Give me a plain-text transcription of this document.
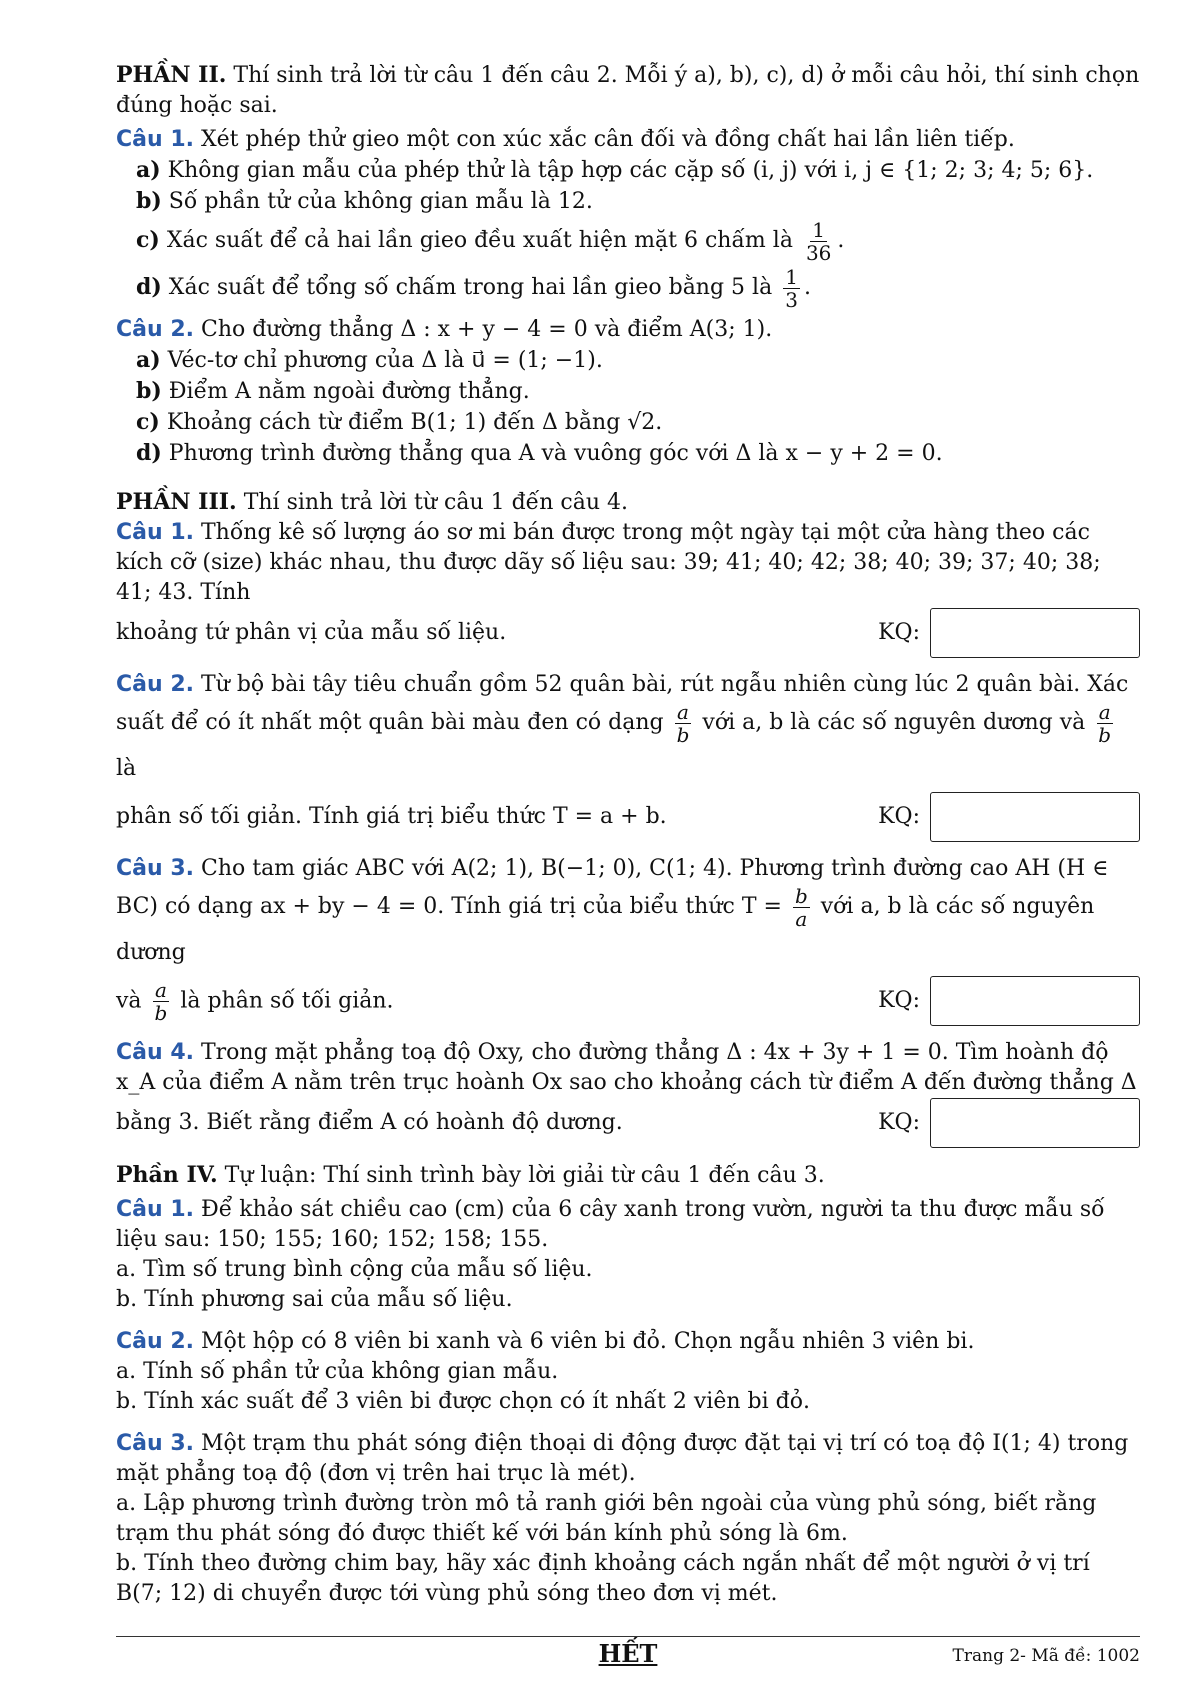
PHẦN II. Thí sinh trả lời từ câu 1 đến câu 2. Mỗi ý a), b), c), d) ở mỗi câu hỏi, thí sinh chọn đúng hoặc sai.
Câu 1. Xét phép thử gieo một con xúc xắc cân đối và đồng chất hai lần liên tiếp.
a) Không gian mẫu của phép thử là tập hợp các cặp số (i, j) với i, j ∈ {1; 2; 3; 4; 5; 6}.
b) Số phần tử của không gian mẫu là 12.
c) Xác suất để cả hai lần gieo đều xuất hiện mặt 6 chấm là $\frac{1}{36}$ .
d) Xác suất để tổng số chấm trong hai lần gieo bằng 5 là $\frac{1}{3}$ .
Câu 2. Cho đường thẳng Δ : x + y − 4 = 0 và điểm A(3; 1).
a) Véc-tơ chỉ phương của Δ là u⃗ = (1; −1).
b) Điểm A nằm ngoài đường thẳng.
c) Khoảng cách từ điểm B(1; 1) đến Δ bằng √2.
d) Phương trình đường thẳng qua A và vuông góc với Δ là x − y + 2 = 0.
PHẦN III. Thí sinh trả lời từ câu 1 đến câu 4.
Câu 1. Thống kê số lượng áo sơ mi bán được trong một ngày tại một cửa hàng theo các kích cỡ (size) khác nhau, thu được dãy số liệu sau: 39; 41; 40; 42; 38; 40; 39; 37; 40; 38; 41; 43. Tính
khoảng tứ phân vị của mẫu số liệu.	KQ:
Câu 2. Từ bộ bài tây tiêu chuẩn gồm 52 quân bài, rút ngẫu nhiên cùng lúc 2 quân bài. Xác
suất để có ít nhất một quân bài màu đen có dạng $\frac{a}{b}$ với a, b là các số nguyên dương và $\frac{a}{b}$
là
phân số tối giản. Tính giá trị biểu thức T = a + b.	KQ:
Câu 3. Cho tam giác ABC với A(2; 1), B(−1; 0), C(1; 4). Phương trình đường cao AH (H ∈
BC) có dạng ax + by − 4 = 0. Tính giá trị của biểu thức $T = \frac{b}{a}$ với a, b là các số nguyên dương
và $\frac{a}{b}$ là phân số tối giản.	KQ:
Câu 4. Trong mặt phẳng toạ độ Oxy, cho đường thẳng Δ : 4x + 3y + 1 = 0. Tìm hoành độ x_A của điểm A nằm trên trục hoành Ox sao cho khoảng cách từ điểm A đến đường thẳng Δ
bằng 3. Biết rằng điểm A có hoành độ dương.	KQ:
Phần IV. Tự luận: Thí sinh trình bày lời giải từ câu 1 đến câu 3.
Câu 1. Để khảo sát chiều cao (cm) của 6 cây xanh trong vườn, người ta thu được mẫu số liệu sau: 150; 155; 160; 152; 158; 155.
a. Tìm số trung bình cộng của mẫu số liệu.
b. Tính phương sai của mẫu số liệu.
Câu 2. Một hộp có 8 viên bi xanh và 6 viên bi đỏ. Chọn ngẫu nhiên 3 viên bi.
a. Tính số phần tử của không gian mẫu.
b. Tính xác suất để 3 viên bi được chọn có ít nhất 2 viên bi đỏ.
Câu 3. Một trạm thu phát sóng điện thoại di động được đặt tại vị trí có toạ độ I(1; 4) trong mặt phẳng toạ độ (đơn vị trên hai trục là mét).
a. Lập phương trình đường tròn mô tả ranh giới bên ngoài của vùng phủ sóng, biết rằng trạm thu phát sóng đó được thiết kế với bán kính phủ sóng là 6m.
b. Tính theo đường chim bay, hãy xác định khoảng cách ngắn nhất để một người ở vị trí B(7; 12) di chuyển được tới vùng phủ sóng theo đơn vị mét.
HẾT	Trang 2- Mã đề: 1002
